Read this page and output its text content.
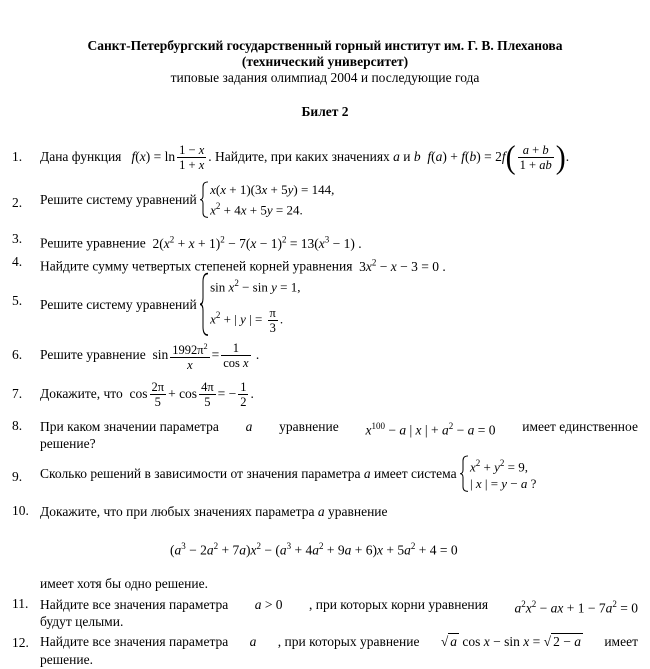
Санкт-Петербургский государственный горный институт им. Г. В. Плеханова
(технический университет)
типовые задания олимпиад 2004 и последующие года
Билет 2
1. Дана функция $f(x) = \ln \frac{1 - x}{1 + x}$ . Найдите, при каких значениях a и b $f(a) + f(b) = 2f( \frac{a + b}{1 + ab}$ ).
2. Решите систему уравнений
x(x + 1)(3x + 5y) = 144,
$x^2 + 4x + 5y = 24$.
3. Решите уравнение  $2(x^2 + x + 1)^2 - 7(x - 1)^2 = 13(x^3 - 1)$ .
4. Найдите сумму четвертых степеней корней уравнения  $3x^2 - x - 3 = 0$ .
5. Решите систему уравнений
$\sin x^2 - \sin y = 1$,
$x^2$ + | y | = $\frac{\pi}{3}$ .
6. Решите уравнение  $\sin \frac{1992\pi^2}{x} = \frac{1}{\text{cos x}}$ .
7. Докажите, что  $\cos \frac{2\pi}{5} + \cos \frac{4\pi}{5}$ = − $\frac{1}{2}$ .
8. При каком значении параметра a уравнение $x^{100} - a$ | x | + $a^2 - a = 0$ имеет единственное
решение?
9. Сколько решений в зависимости от значения параметра a имеет система $x^2 + y^2 = 9$,
| x | = y − a ?
10. Докажите, что при любых значениях параметра a уравнение
$(a^3 - 2a^2 + 7a)x^2 - (a^3 + 4a^2 + 9a + 6)x + 5a^2 + 4 = 0$
имеет хотя бы одно решение.
11. Найдите все значения параметра a > 0 , при которых корни уравнения $a^2x^2$ − ax + $1 - 7a^2 = 0$
будут целыми.
12. Найдите все значения параметра a , при которых уравнение √ a cos x − sin x = √ 2 − a имеет
решение.
